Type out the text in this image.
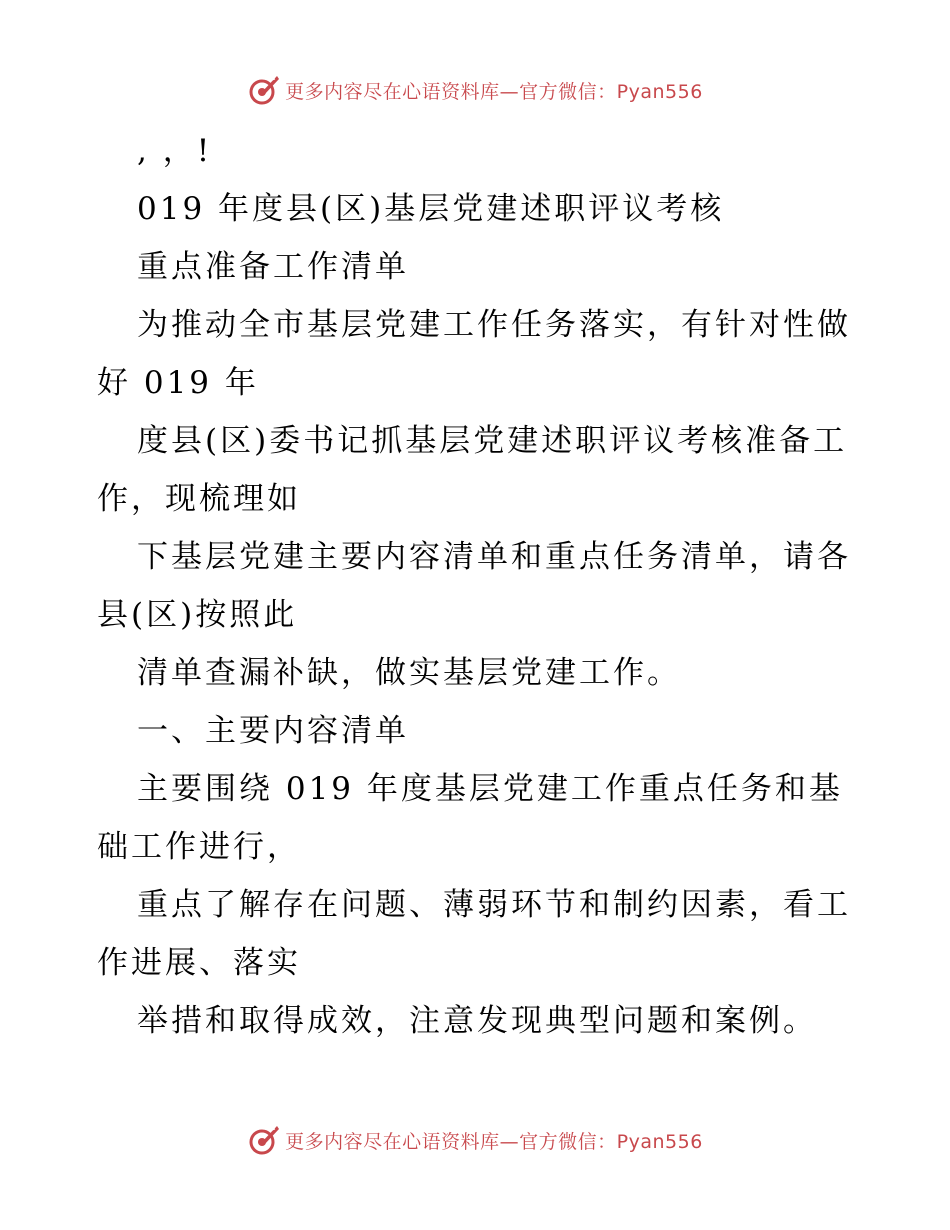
更多内容尽在心语资料库—官方微信：Pyan556
, ，!
019 年度县(区)基层党建述职评议考核
重点准备工作清单
为推动全市基层党建工作任务落实，有针对性做
好 019 年
度县(区)委书记抓基层党建述职评议考核准备工
作，现梳理如
下基层党建主要内容清单和重点任务清单，请各
县(区)按照此
清单查漏补缺，做实基层党建工作。
一、主要内容清单
主要围绕 019 年度基层党建工作重点任务和基
础工作进行，
重点了解存在问题、薄弱环节和制约因素，看工
作进展、落实
举措和取得成效，注意发现典型问题和案例。
更多内容尽在心语资料库—官方微信：Pyan556
